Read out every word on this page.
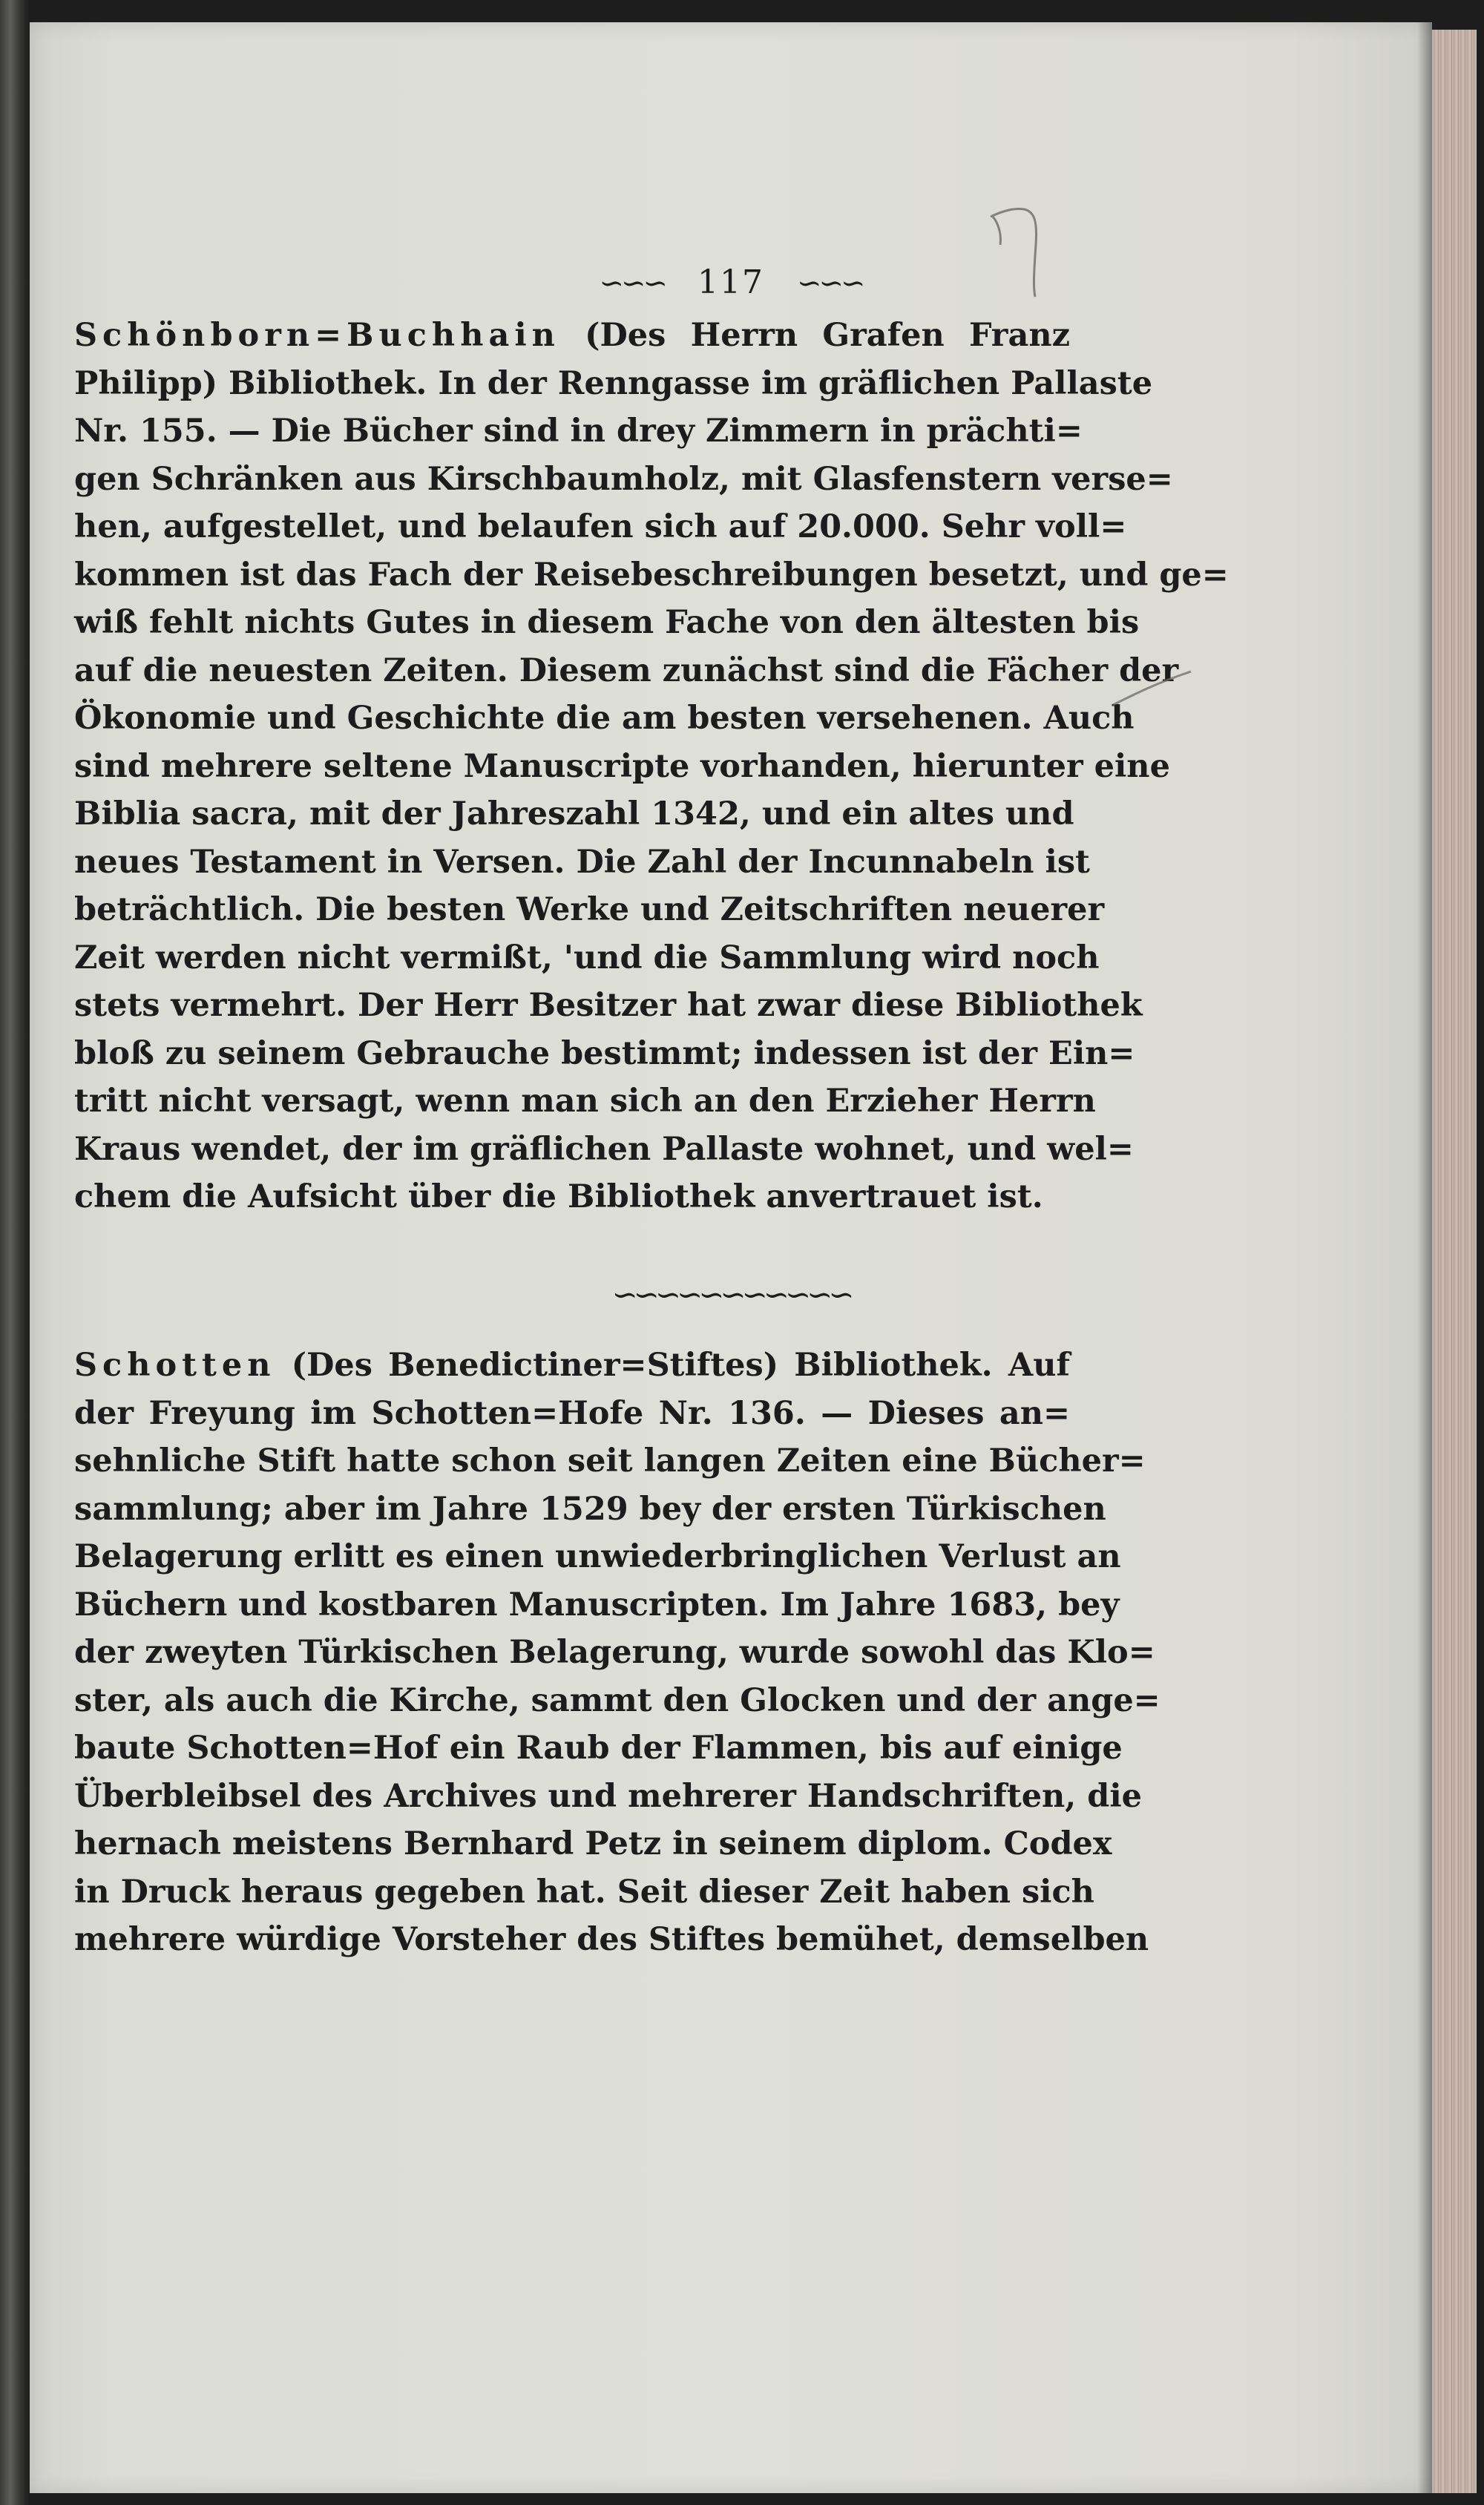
∽∽∽ 117 ∽∽∽
Schönborn=Buchhain (Des Herrn Grafen Franz
Philipp) Bibliothek. In der Renngasse im gräflichen Pallaste
Nr. 155. — Die Bücher sind in drey Zimmern in prächti=
gen Schränken aus Kirschbaumholz, mit Glasfenstern verse=
hen, aufgestellet, und belaufen sich auf 20.000. Sehr voll=
kommen ist das Fach der Reisebeschreibungen besetzt, und ge=
wiß fehlt nichts Gutes in diesem Fache von den ältesten bis
auf die neuesten Zeiten. Diesem zunächst sind die Fächer der
Ökonomie und Geschichte die am besten versehenen. Auch
sind mehrere seltene Manuscripte vorhanden, hierunter eine
Biblia sacra, mit der Jahreszahl 1342, und ein altes und
neues Testament in Versen. Die Zahl der Incunnabeln ist
beträchtlich. Die besten Werke und Zeitschriften neuerer
Zeit werden nicht vermißt, 'und die Sammlung wird noch
stets vermehrt. Der Herr Besitzer hat zwar diese Bibliothek
bloß zu seinem Gebrauche bestimmt; indessen ist der Ein=
tritt nicht versagt, wenn man sich an den Erzieher Herrn
Kraus wendet, der im gräflichen Pallaste wohnet, und wel=
chem die Aufsicht über die Bibliothek anvertrauet ist.
∽∽∽∽∽∽∽∽∽∽∽
Schotten (Des Benedictiner=Stiftes) Bibliothek. Auf
der Freyung im Schotten=Hofe Nr. 136. — Dieses an=
sehnliche Stift hatte schon seit langen Zeiten eine Bücher=
sammlung; aber im Jahre 1529 bey der ersten Türkischen
Belagerung erlitt es einen unwiederbringlichen Verlust an
Büchern und kostbaren Manuscripten. Im Jahre 1683, bey
der zweyten Türkischen Belagerung, wurde sowohl das Klo=
ster, als auch die Kirche, sammt den Glocken und der ange=
baute Schotten=Hof ein Raub der Flammen, bis auf einige
Überbleibsel des Archives und mehrerer Handschriften, die
hernach meistens Bernhard Petz in seinem diplom. Codex
in Druck heraus gegeben hat. Seit dieser Zeit haben sich
mehrere würdige Vorsteher des Stiftes bemühet, demselben
